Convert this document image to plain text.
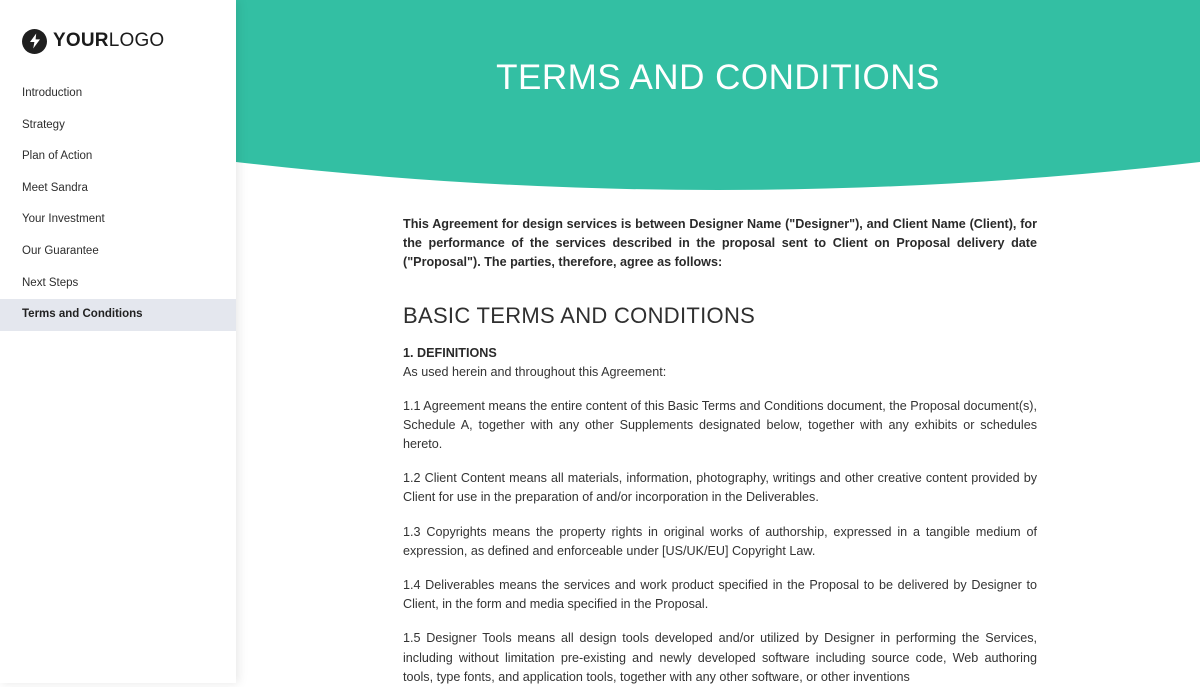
YOURLOGO
Introduction
Strategy
Plan of Action
Meet Sandra
Your Investment
Our Guarantee
Next Steps
Terms and Conditions
TERMS AND CONDITIONS

This Agreement for design services is between Designer Name ("Designer"), and Client Name (Client), for the performance of the services described in the proposal sent to Client on Proposal delivery date ("Proposal"). The parties, therefore, agree as follows:

BASIC TERMS AND CONDITIONS
1. DEFINITIONS

As used herein and throughout this Agreement:

1.1 Agreement means the entire content of this Basic Terms and Conditions document, the Proposal document(s), Schedule A, together with any other Supplements designated below, together with any exhibits or schedules hereto.

1.2 Client Content means all materials, information, photography, writings and other creative content provided by Client for use in the preparation of and/or incorporation in the Deliverables.

1.3 Copyrights means the property rights in original works of authorship, expressed in a tangible medium of expression, as defined and enforceable under [US/UK/EU] Copyright Law.

1.4 Deliverables means the services and work product specified in the Proposal to be delivered by Designer to Client, in the form and media specified in the Proposal.

1.5 Designer Tools means all design tools developed and/or utilized by Designer in performing the Services, including without limitation pre-existing and newly developed software including source code, Web authoring tools, type fonts, and application tools, together with any other software, or other inventions
